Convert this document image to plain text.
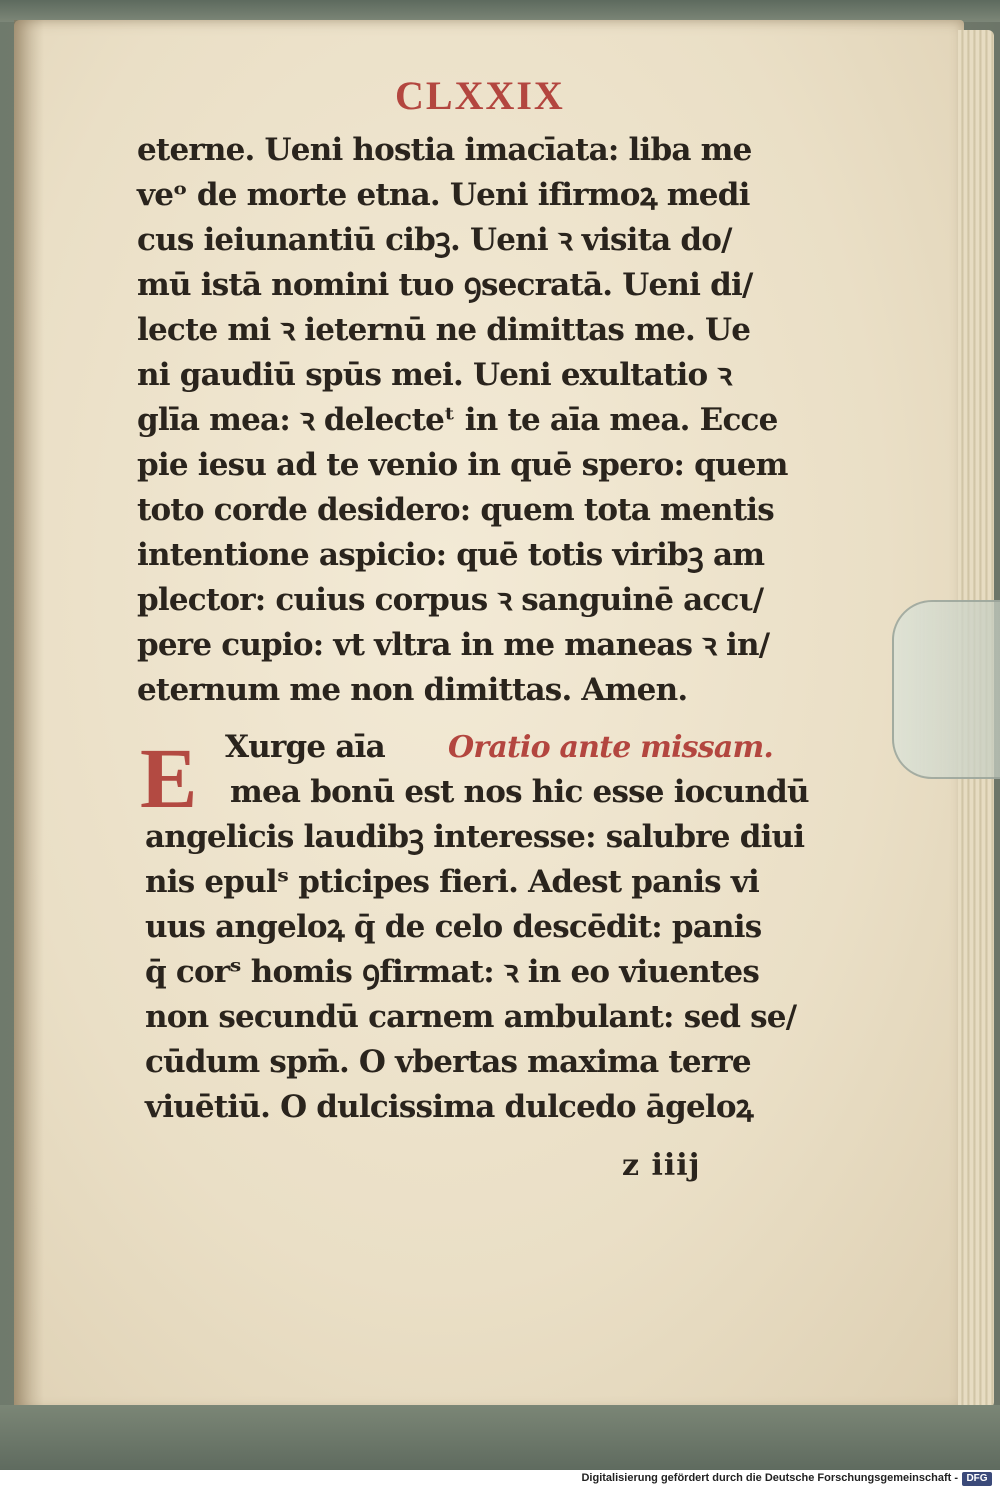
CLXXIX
eterne. Ueni hostia imacīata: liba me
veᵒ de morte etna. Ueni ifirmoꝝ medi
cus ieiunantiū cibꝫ. Ueni ꝛ visita do/
mū istā nomini tuo ꝯsecratā. Ueni di/
lecte mi ꝛ ieternū ne dimittas me. Ue
ni gaudiū spūs mei. Ueni exultatio ꝛ
glīa mea: ꝛ delecteᵗ in te aīa mea. Ecce
pie iesu ad te venio in quē spero: quem
toto corde desidero: quem tota mentis
intentione aspicio: quē totis viribꝫ am
plector: cuius corpus ꝛ sanguinē accι/
pere cupio: vt vltra in me maneas ꝛ in/
eternum me non dimittas. Amen.
E Xurge aīa Oratio ante missam.
mea bonū est nos hic esse iocundū
angelicis laudibꝫ interesse: salubre diui
nis epulˢ pticipes fieri. Adest panis vi
uus angeloꝝ q̄ de celo descēdit: panis
q̄ corˢ homis ꝯfirmat: ꝛ in eo viuentes
non secundū carnem ambulant: sed se/
cūdum spm̄. O vbertas maxima terre
viuētiū. O dulcissima dulcedo āgeloꝝ
z iiij
Digitalisierung gefördert durch die Deutsche Forschungsgemeinschaft - DFG
